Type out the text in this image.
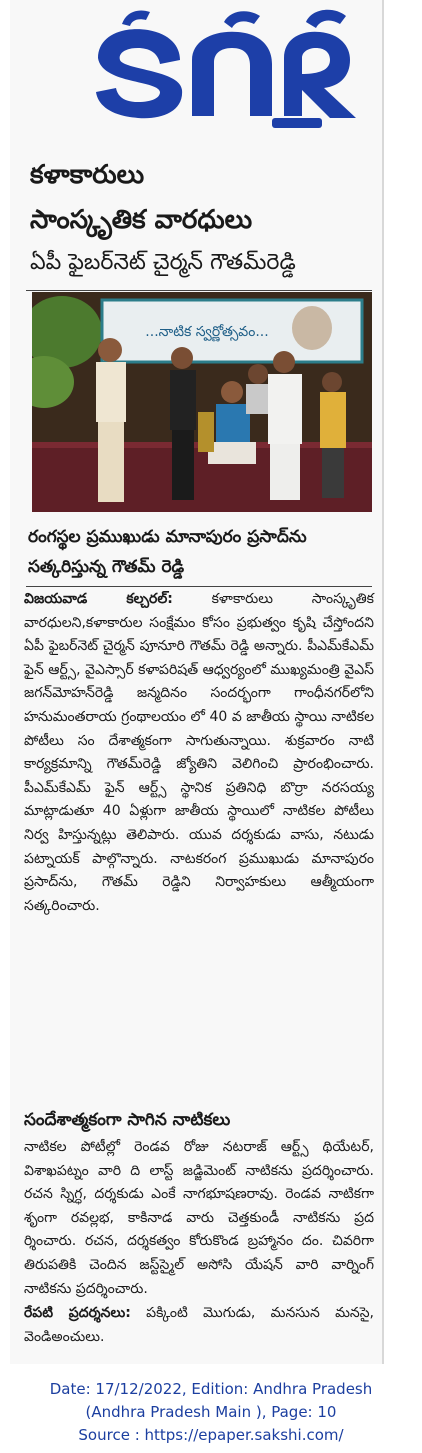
కళాకారులు
సాంస్కృతిక వారధులు
ఏపీ ఫైబర్‌నెట్‌ చైర్మన్‌ గౌతమ్‌రెడ్డి
...నాటిక స్వర్ణోత్సవం...
రంగస్థల ప్రముఖుడు మానాపురం ప్రసాద్‌ను సత్కరిస్తున్న గౌతమ్‌ రెడ్డి
విజయవాడ కల్చరల్‌:	కళాకారులు సాంస్కృతిక వారధులని,కళాకారుల సంక్షేమం కోసం ప్రభుత్వం కృషి చేస్తోందని ఏపీ ఫైబర్‌నెట్‌ చైర్మన్‌ పూనూరి గౌతమ్‌ రెడ్డి అన్నారు. పీఎమ్‌కేఎమ్‌ ఫైన్‌ ఆర్ట్స్‌, వైఎస్సార్‌ కళాపరిషత్‌ ఆధ్వర్యంలో ముఖ్యమంత్రి వైఎస్‌ జగన్‌మోహన్‌రెడ్డి జన్మదినం సందర్భంగా గాంధీనగర్‌లోని హనుమంతరాయ గ్రంథాలయం లో 40 వ జాతీయ స్థాయి నాటికల పోటీలు సం దేశాత్మకంగా సాగుతున్నాయి. శుక్రవారం నాటి కార్యక్రమాన్ని గౌతమ్‌రెడ్డి జ్యోతిని వెలిగించి ప్రారంభించారు. పీఎమ్‌కేఎమ్‌ ఫైన్‌ ఆర్ట్స్‌ స్థానిక ప్రతినిధి బొర్రా నరసయ్య మాట్లాడుతూ 40 ఏళ్లుగా జాతీయ స్థాయిలో నాటికల పోటీలు నిర్వ హిస్తున్నట్లు తెలిపారు. యువ దర్శకుడు వాసు, నటుడు పట్నాయక్‌ పాల్గొన్నారు. నాటకరంగ ప్రముఖుడు మానాపురం ప్రసాద్‌ను, గౌతమ్‌ రెడ్డిని నిర్వాహకులు ఆత్మీయంగా సత్కరించారు.
సందేశాత్మకంగా సాగిన నాటికలు
నాటికల పోటీల్లో రెండవ రోజు నటరాజ్‌ ఆర్ట్స్‌ థియేటర్‌, విశాఖపట్నం వారి ది లాస్ట్‌ జడ్జిమెంట్‌ నాటికను ప్రదర్శించారు. రచన స్నిగ్ధ, దర్శకుడు ఎంకే నాగభూషణరావు. రెండవ నాటికగా శృంగా రవల్లభ, కాకినాడ వారు చెత్తకుండీ నాటికను ప్రద ర్శించారు. రచన, దర్శకత్వం కోరుకొండ బ్రహ్మానం దం. చివరిగా తిరుపతికి చెందిన జస్ట్‌స్మైల్‌ అసోసి యేషన్‌ వారి వార్నింగ్‌ నాటికను ప్రదర్శించారు.
రేపటి ప్రదర్శనలు: పక్కింటి మొగుడు, మనసున మనసై, వెండిఅంచులు.
Date: 17/12/2022, Edition: Andhra Pradesh
(Andhra Pradesh Main ), Page: 10
Source : https://epaper.sakshi.com/
